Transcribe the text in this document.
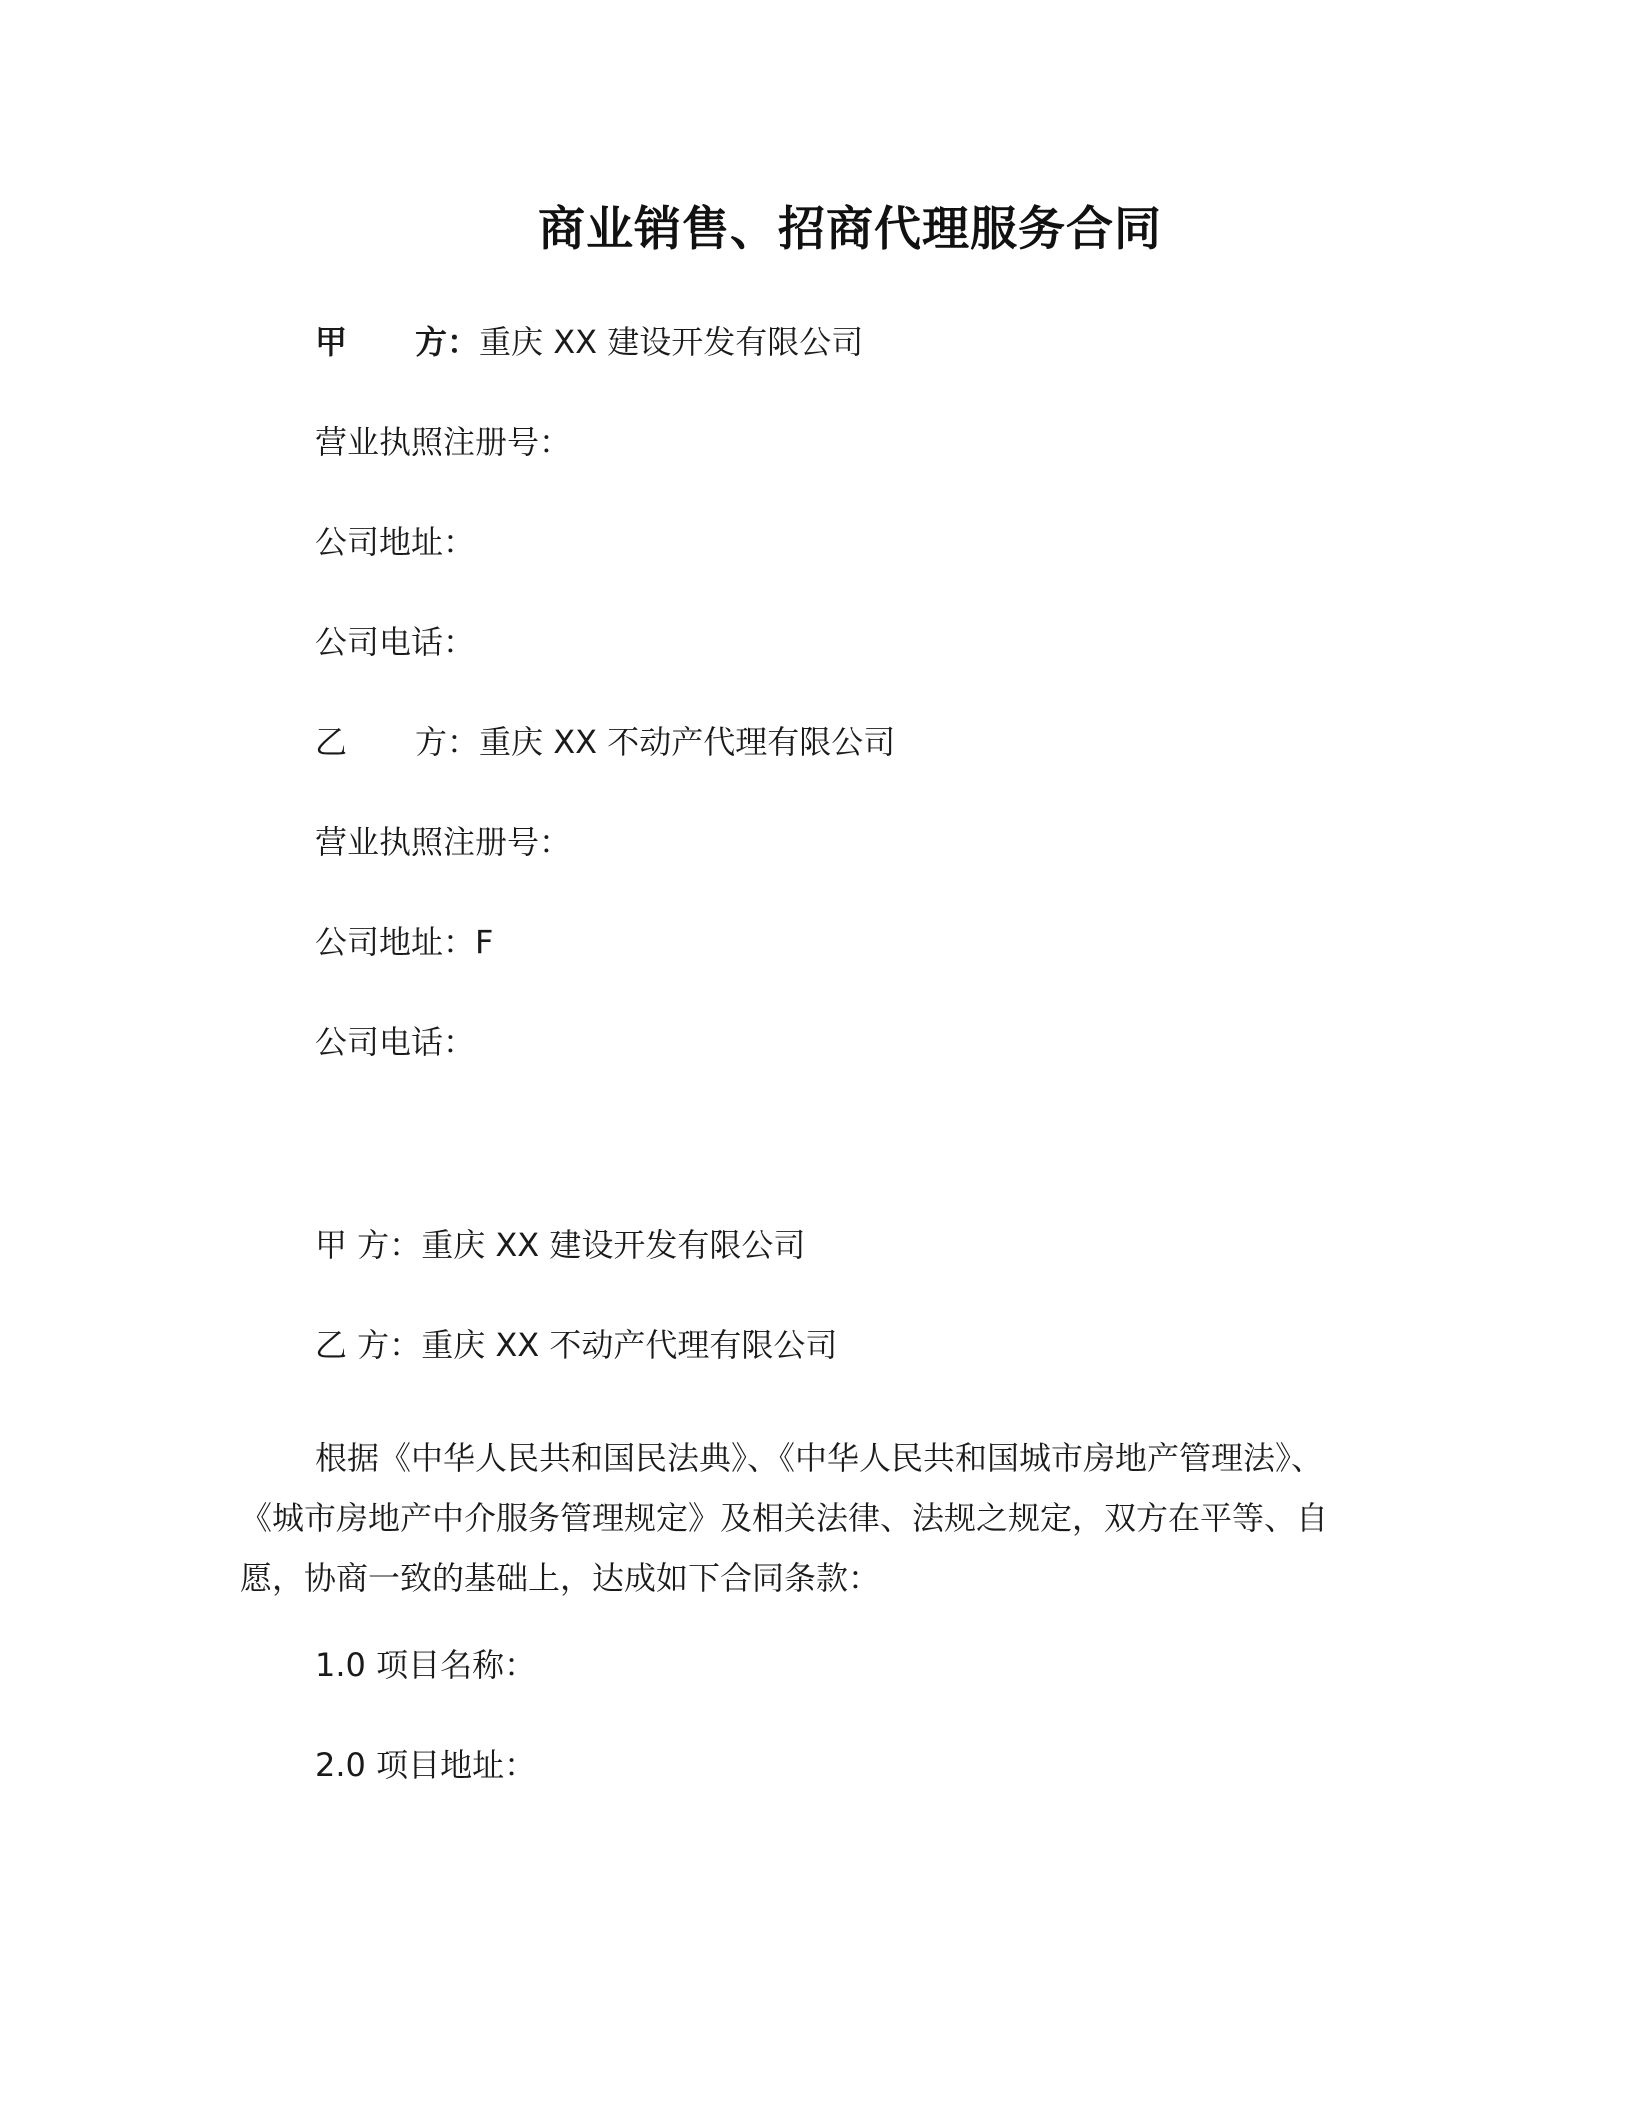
商业销售、招商代理服务合同
甲 方：重庆 XX 建设开发有限公司
营业执照注册号：
公司地址：
公司电话：
乙 方：重庆 XX 不动产代理有限公司
营业执照注册号：
公司地址：F
公司电话：
甲 方：重庆 XX 建设开发有限公司
乙 方：重庆 XX 不动产代理有限公司
根据《中华人民共和国民法典》、《中华人民共和国城市房地产管理法》、《城市房地产中介服务管理规定》及相关法律、法规之规定，双方在平等、自愿，协商一致的基础上，达成如下合同条款：
1.0 项目名称：
2.0 项目地址：
